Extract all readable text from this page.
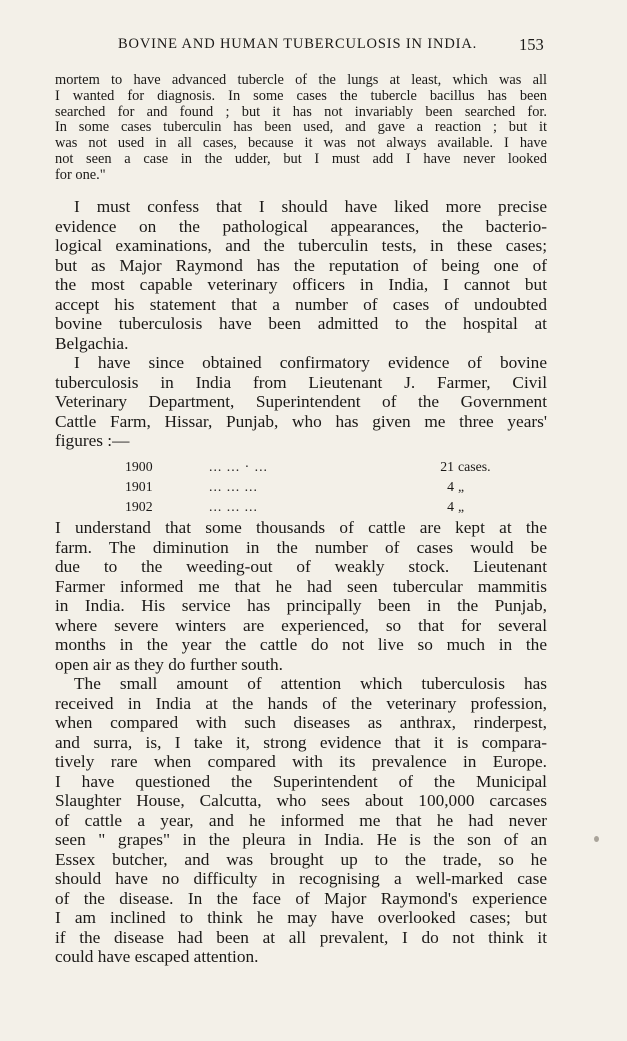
BOVINE AND HUMAN TUBERCULOSIS IN INDIA.	153
mortem to have advanced tubercle of the lungs at least, which was all
I wanted for diagnosis. In some cases the tubercle bacillus has been
searched for and found ; but it has not invariably been searched for.
In some cases tuberculin has been used, and gave a reaction ; but it
was not used in all cases, because it was not always available. I have
not seen a case in the udder, but I must add I have never looked
for one."
I must confess that I should have liked more precise
evidence on the pathological appearances, the bacterio-
logical examinations, and the tuberculin tests, in these cases;
but as Major Raymond has the reputation of being one of
the most capable veterinary officers in India, I cannot but
accept his statement that a number of cases of undoubted
bovine tuberculosis have been admitted to the hospital at
Belgachia.
I have since obtained confirmatory evidence of bovine
tuberculosis in India from Lieutenant J. Farmer, Civil
Veterinary Department, Superintendent of the Government
Cattle Farm, Hissar, Punjab, who has given me three years'
figures :—
1900	... ... · ...	21 cases.
1901	... ... ...	4 „
1902	... ... ...	4 „
I understand that some thousands of cattle are kept at the
farm. The diminution in the number of cases would be
due to the weeding-out of weakly stock. Lieutenant
Farmer informed me that he had seen tubercular mammitis
in India. His service has principally been in the Punjab,
where severe winters are experienced, so that for several
months in the year the cattle do not live so much in the
open air as they do further south.
The small amount of attention which tuberculosis has
received in India at the hands of the veterinary profession,
when compared with such diseases as anthrax, rinderpest,
and surra, is, I take it, strong evidence that it is compara-
tively rare when compared with its prevalence in Europe.
I have questioned the Superintendent of the Municipal
Slaughter House, Calcutta, who sees about 100,000 carcases
of cattle a year, and he informed me that he had never
seen " grapes" in the pleura in India. He is the son of an
Essex butcher, and was brought up to the trade, so he
should have no difficulty in recognising a well-marked case
of the disease. In the face of Major Raymond's experience
I am inclined to think he may have overlooked cases; but
if the disease had been at all prevalent, I do not think it
could have escaped attention.
